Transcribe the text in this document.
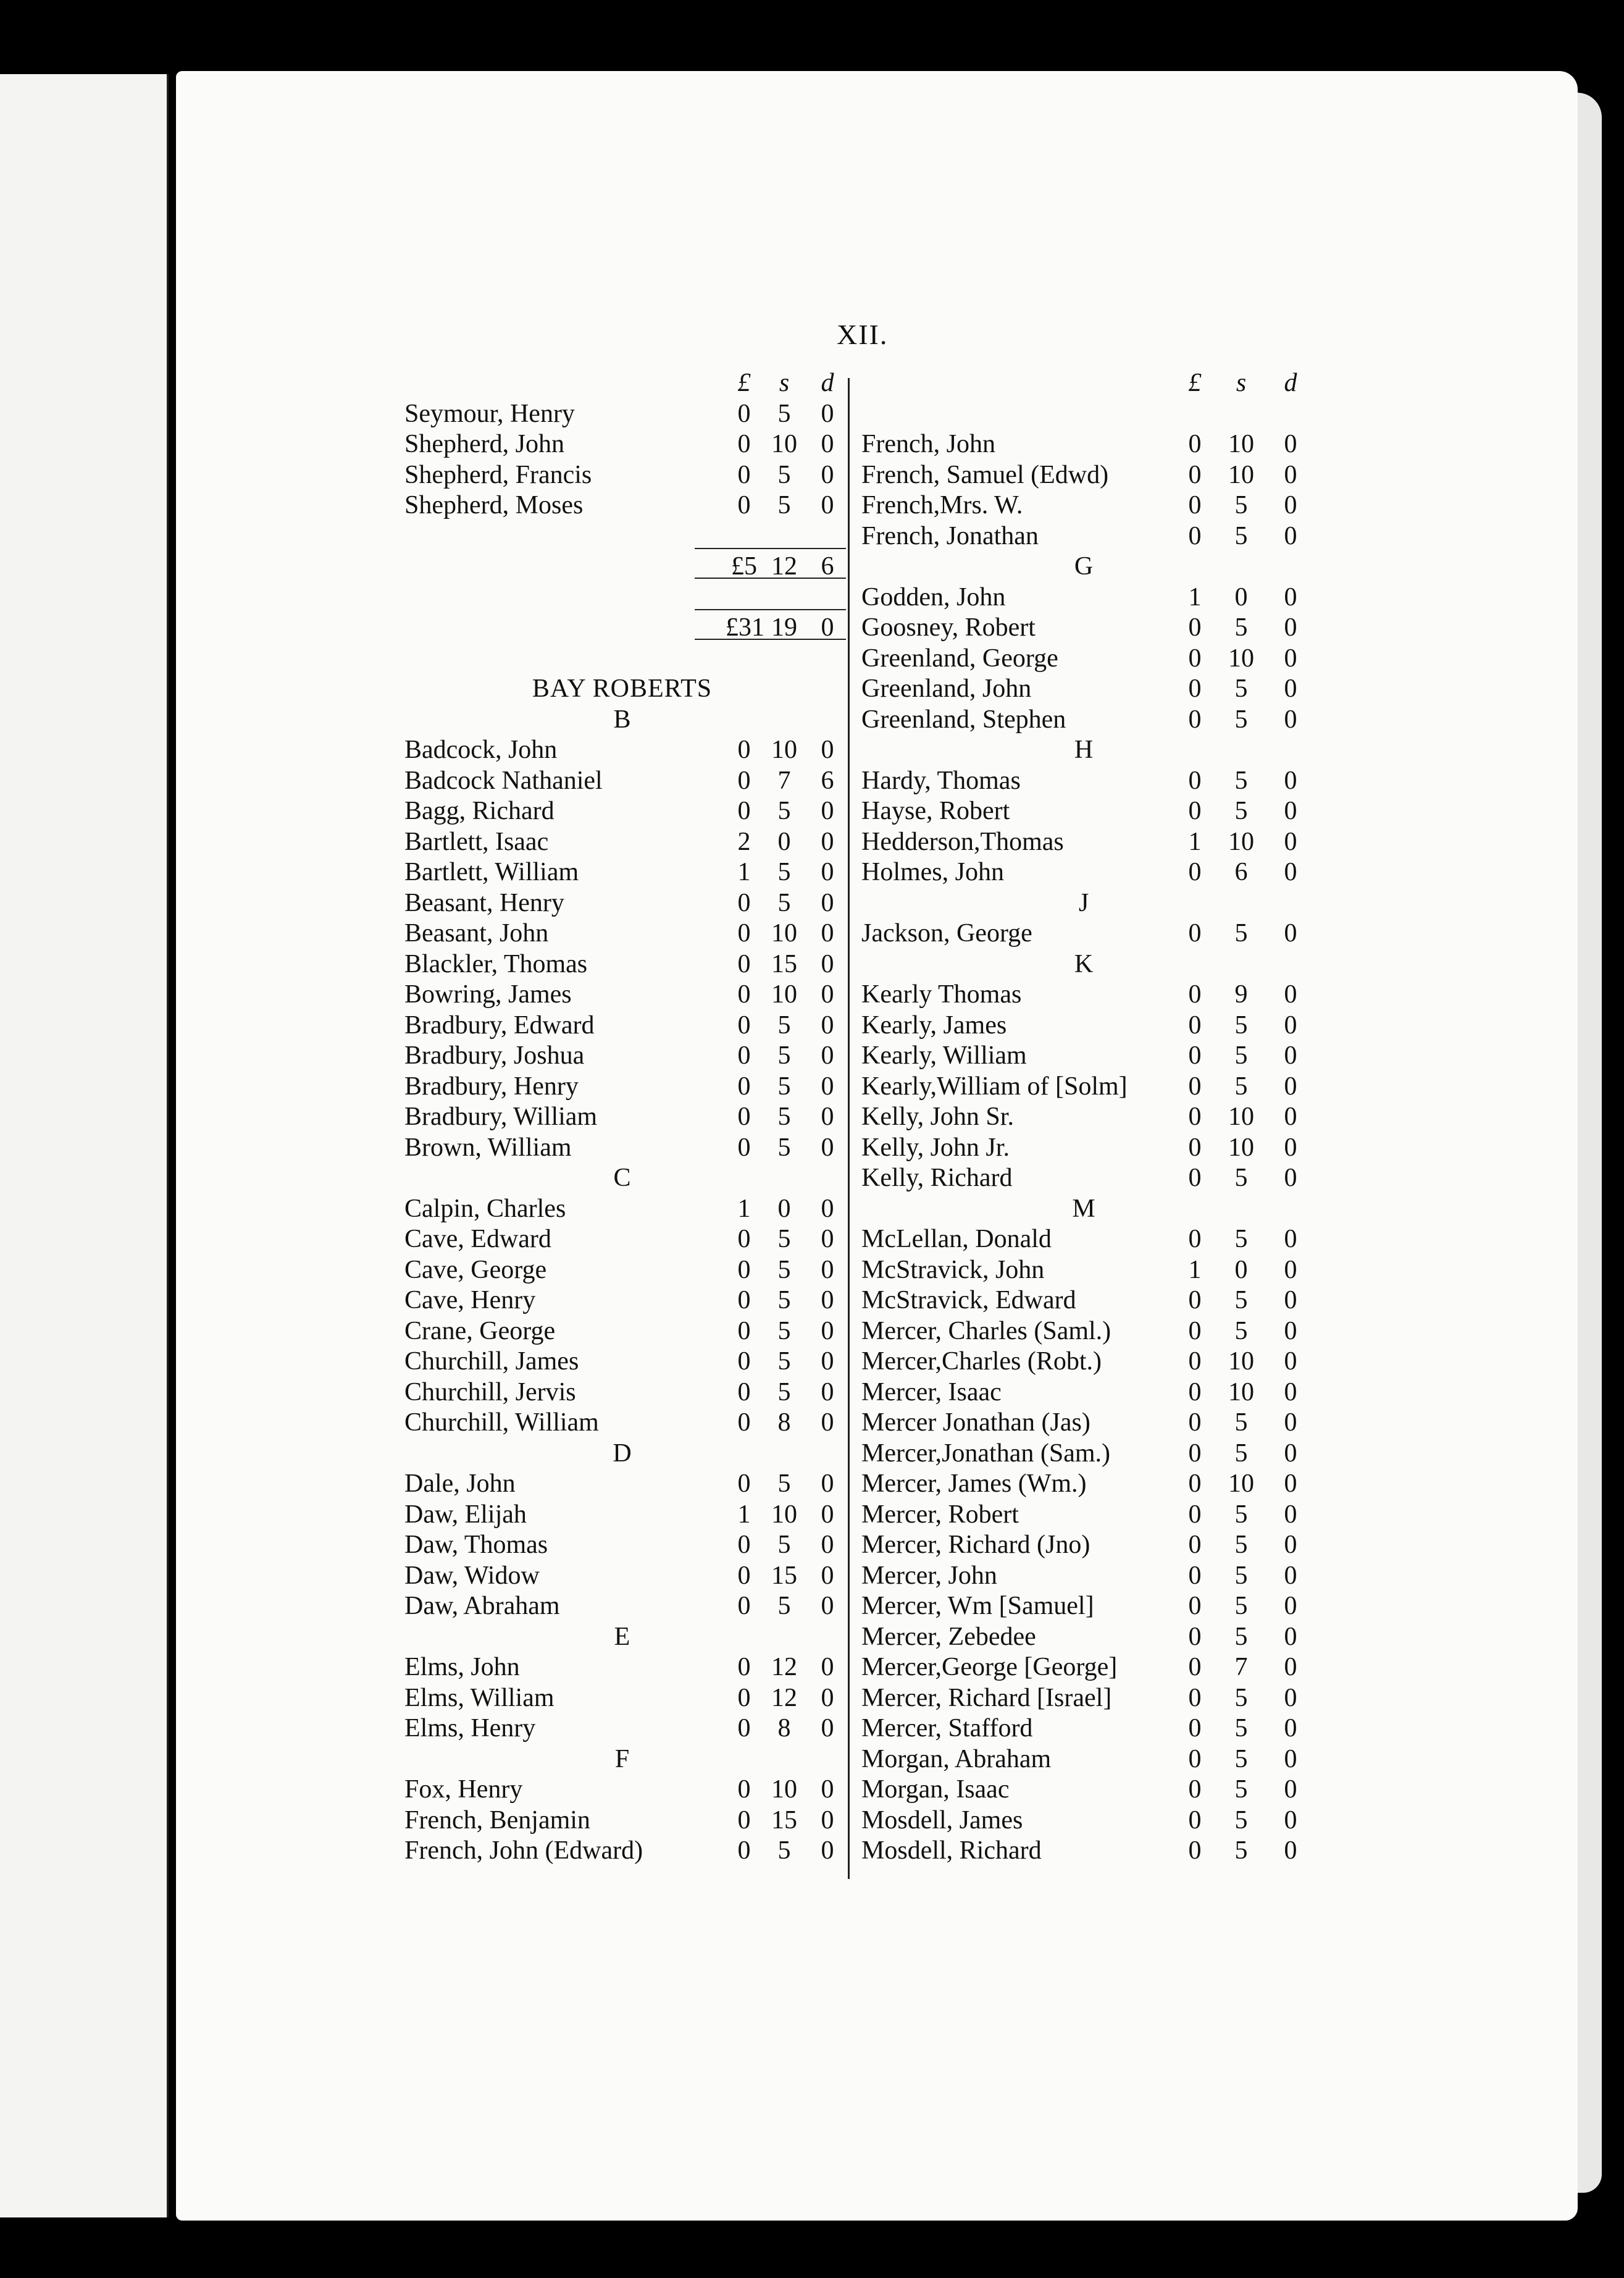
XII.
£	s	d
Seymour, Henry	0	5	0
Shepherd, John	0 10 0
Shepherd, Francis	0	5	0
Shepherd, Moses	0	5	0
£5 12 6
£31 19 0
BAY ROBERTS
B
Badcock, John	0 10 0
Badcock Nathaniel	0	7	6
Bagg, Richard	0	5	0
Bartlett, Isaac	2	0	0
Bartlett, William	1	5	0
Beasant, Henry	0	5	0
Beasant, John	0 10 0
Blackler, Thomas	0 15 0
Bowring, James	0 10 0
Bradbury, Edward	0	5	0
Bradbury, Joshua	0	5	0
Bradbury, Henry	0	5	0
Bradbury, William	0	5	0
Brown, William	0	5	0
C
Calpin, Charles	1	0	0
Cave, Edward	0	5	0
Cave, George	0	5	0
Cave, Henry	0	5	0
Crane, George	0	5	0
Churchill, James	0	5	0
Churchill, Jervis	0	5	0
Churchill, William	0	8	0
D
Dale, John	0	5	0
Daw, Elijah	1 10 0
Daw, Thomas	0	5	0
Daw, Widow	0 15 0
Daw, Abraham	0	5	0
E
Elms, John	0 12 0
Elms, William	0 12 0
Elms, Henry	0	8	0
F
Fox, Henry	0 10 0
French, Benjamin	0 15 0
French, John (Edward)	0	5	0
£	s	d
French, John	0	10	0
French, Samuel (Edwd)	0	10	0
French,Mrs. W.	0	5	0
French, Jonathan	0	5	0
G
Godden, John	1	0	0
Goosney, Robert	0	5	0
Greenland, George	0	10	0
Greenland, John	0	5	0
Greenland, Stephen	0	5	0
H
Hardy, Thomas	0	5	0
Hayse, Robert	0	5	0
Hedderson,Thomas	1	10	0
Holmes, John	0	6	0
J
Jackson, George	0	5	0
K
Kearly Thomas	0	9	0
Kearly, James	0	5	0
Kearly, William	0	5	0
Kearly,William of [Solm]	0	5	0
Kelly, John Sr.	0	10	0
Kelly, John Jr.	0	10	0
Kelly, Richard	0	5	0
M
McLellan, Donald	0	5	0
McStravick, John	1	0	0
McStravick, Edward	0	5	0
Mercer, Charles (Saml.)	0	5	0
Mercer,Charles (Robt.)	0	10	0
Mercer, Isaac	0	10	0
Mercer Jonathan (Jas)	0	5	0
Mercer,Jonathan (Sam.)	0	5	0
Mercer, James (Wm.)	0	10	0
Mercer, Robert	0	5	0
Mercer, Richard (Jno)	0	5	0
Mercer, John	0	5	0
Mercer, Wm [Samuel]	0	5	0
Mercer, Zebedee	0	5	0
Mercer,George [George]	0	7	0
Mercer, Richard [Israel]	0	5	0
Mercer, Stafford	0	5	0
Morgan, Abraham	0	5	0
Morgan, Isaac	0	5	0
Mosdell, James	0	5	0
Mosdell, Richard	0	5	0
